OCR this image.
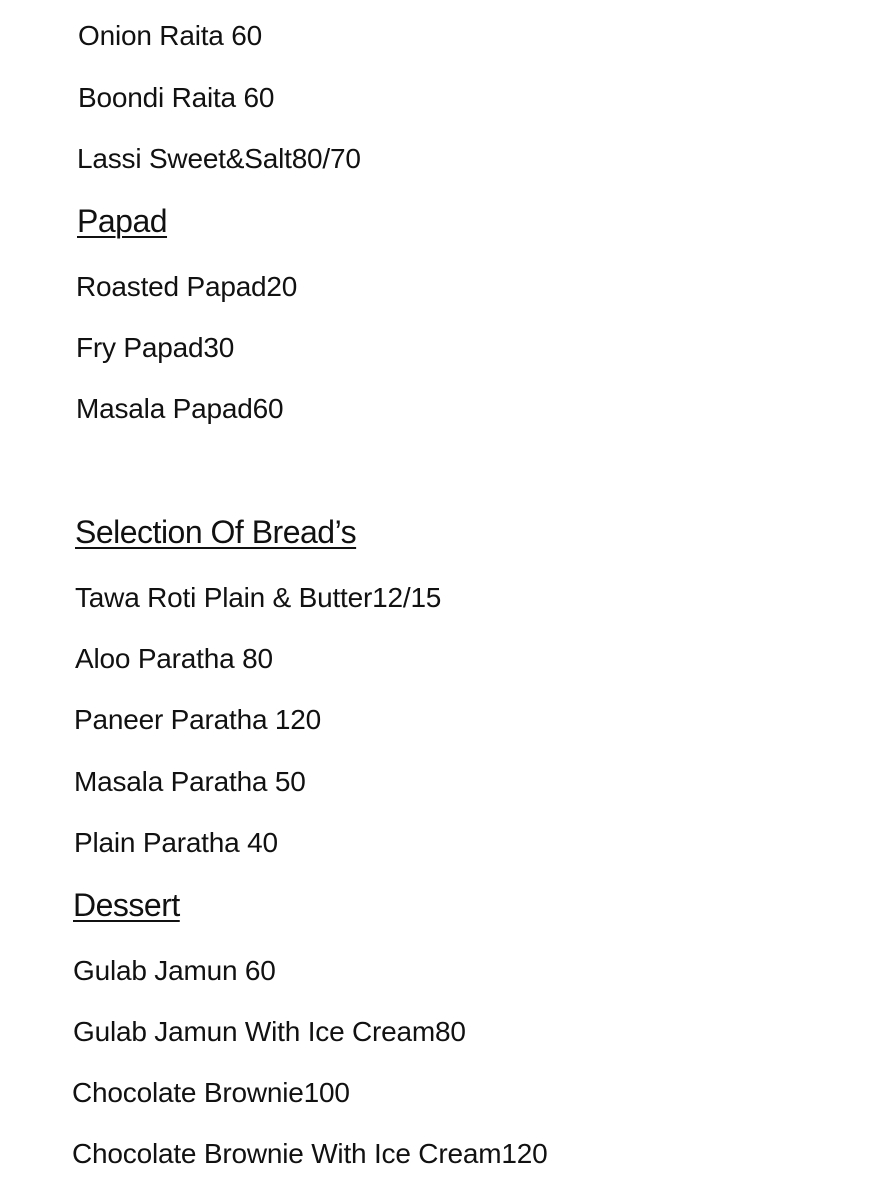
Onion Raita 60
Boondi Raita 60
Lassi Sweet&Salt80/70
Papad
Roasted Papad20
Fry Papad30
Masala Papad60
Selection Of Bread’s
Tawa Roti Plain & Butter12/15
Aloo Paratha 80
Paneer Paratha 120
Masala Paratha 50
Plain Paratha 40
Dessert
Gulab Jamun 60
Gulab Jamun With Ice Cream80
Chocolate Brownie100
Chocolate Brownie With Ice Cream120
